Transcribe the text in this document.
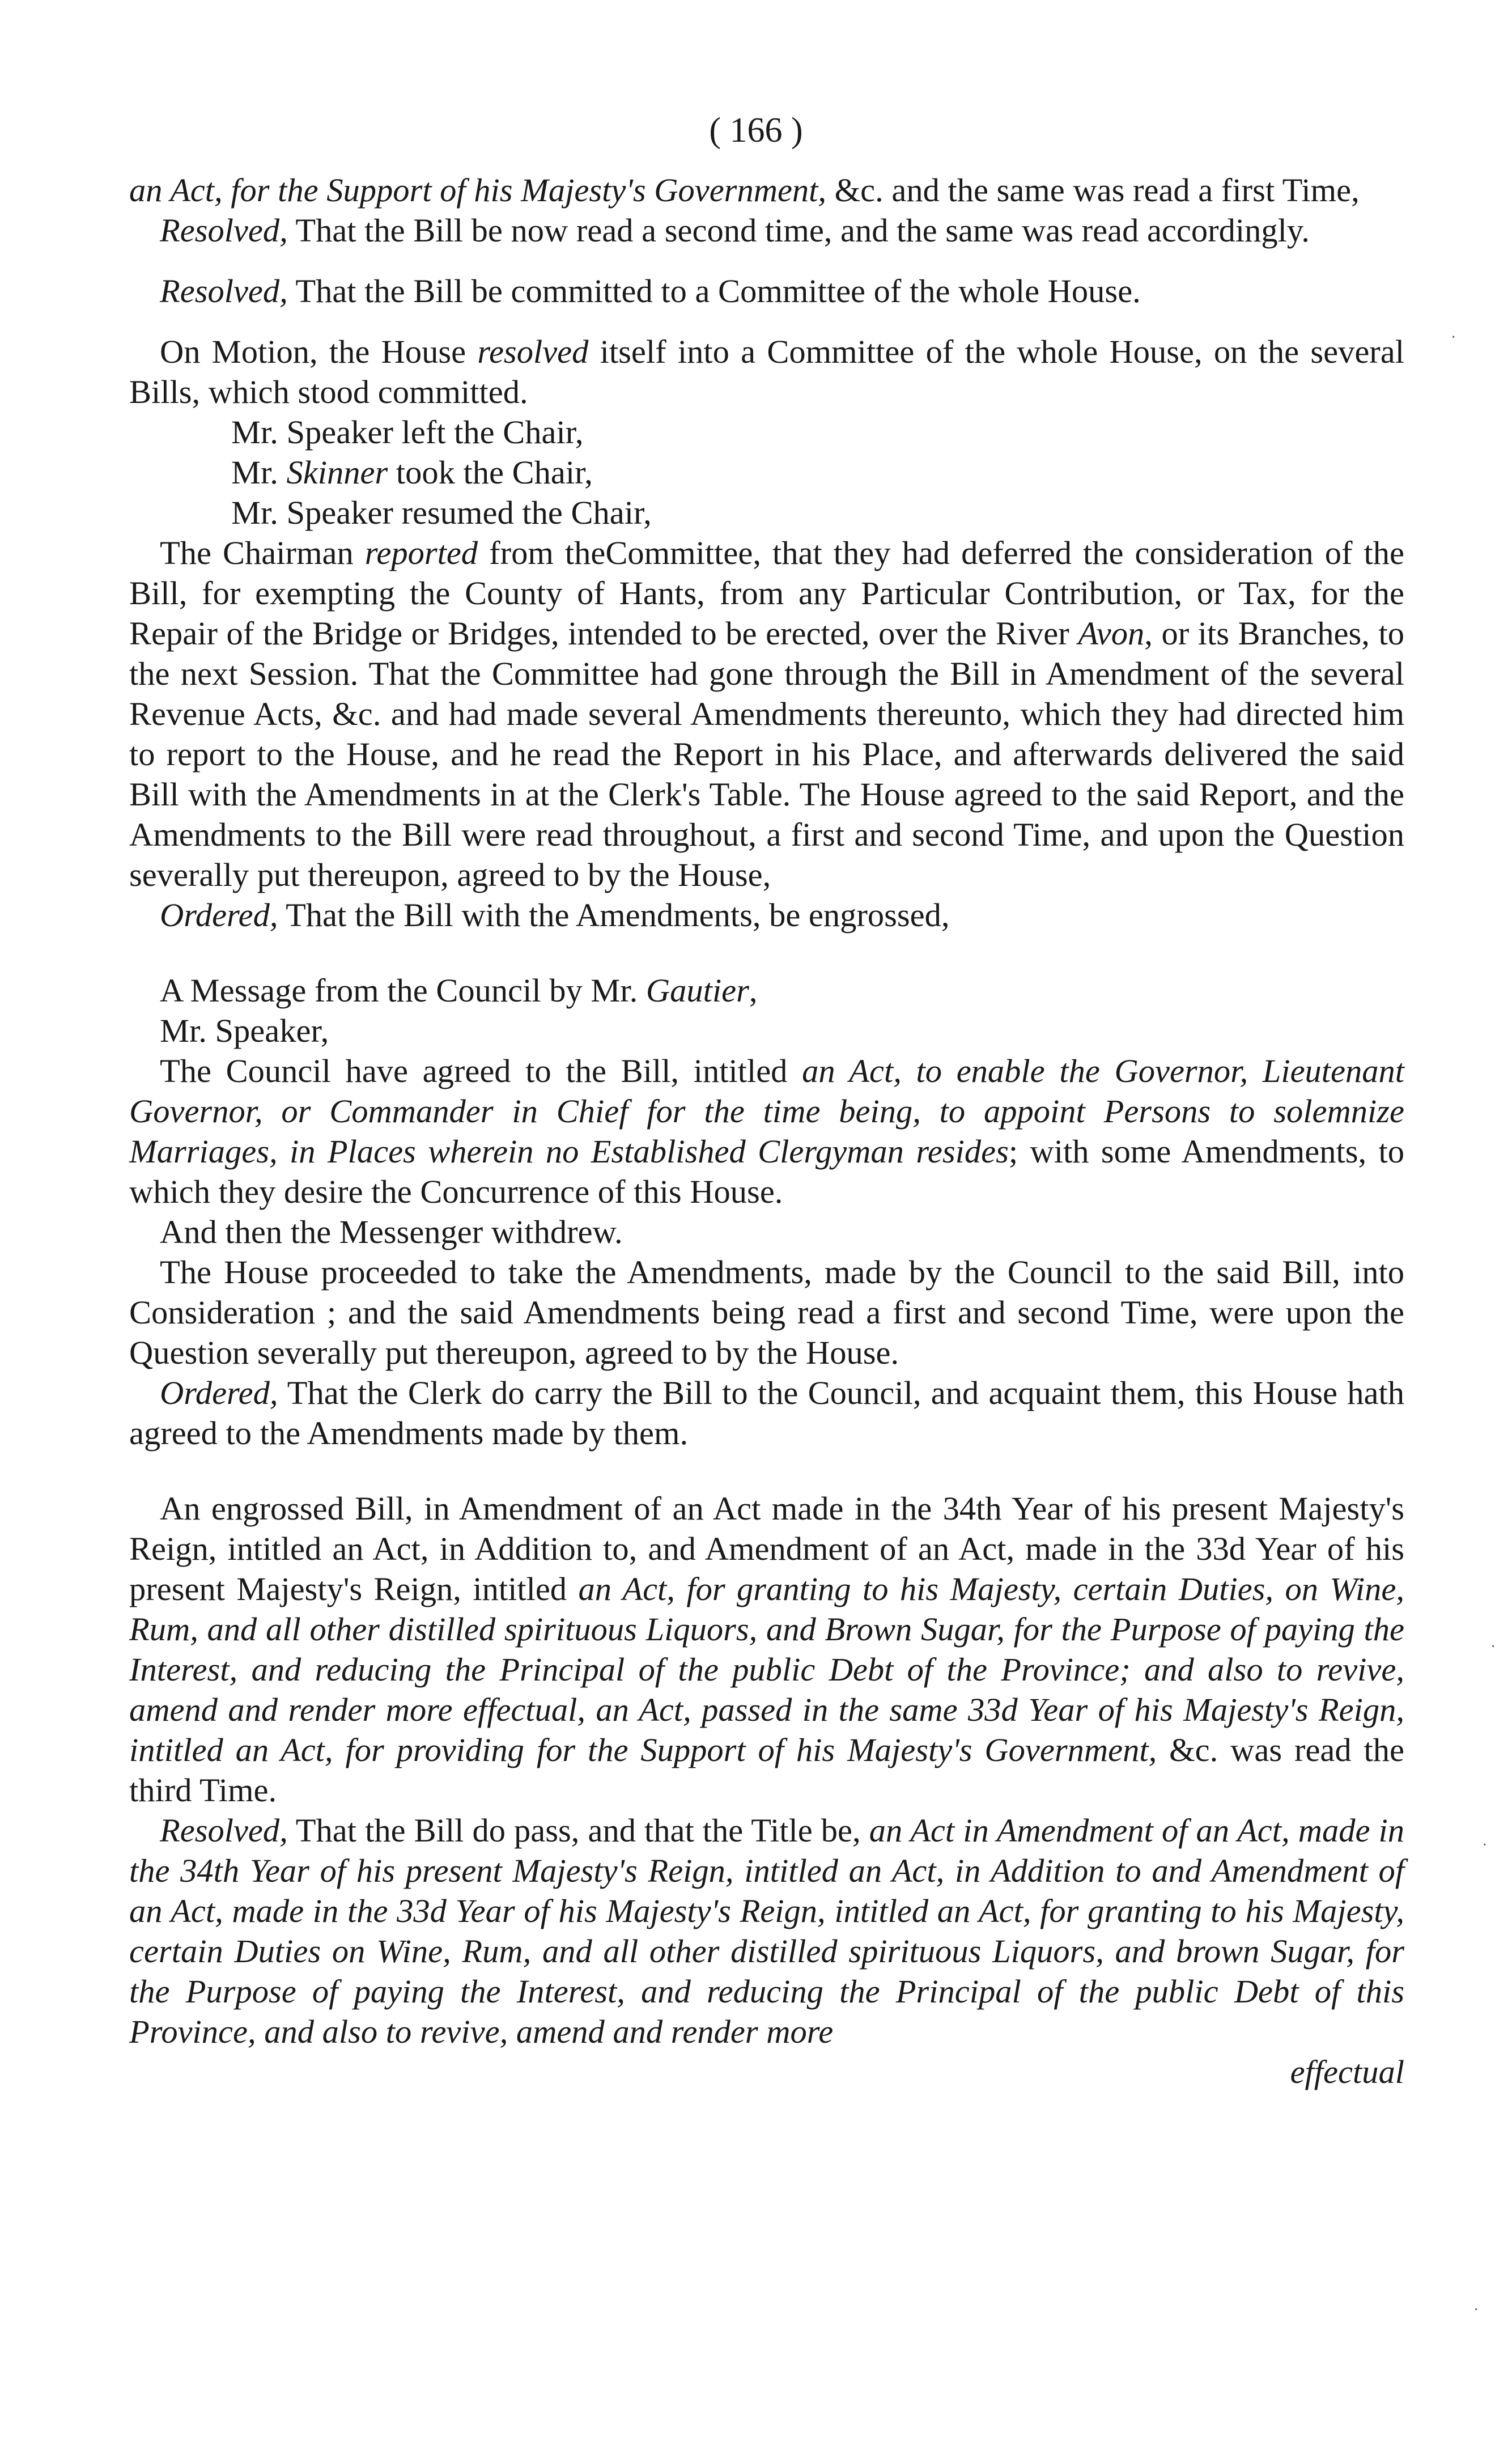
( 166 )

an Act, for the Support of his Majesty's Government, &c. and the same was read a first Time,

Resolved, That the Bill be now read a second time, and the same was read accordingly.

Resolved, That the Bill be committed to a Committee of the whole House.

On Motion, the House resolved itself into a Committee of the whole House, on the several Bills, which stood committed.

Mr. Speaker left the Chair,

Mr. Skinner took the Chair,

Mr. Speaker resumed the Chair,

The Chairman reported from theCommittee, that they had deferred the consideration of the Bill, for exempting the County of Hants, from any Particular Contribution, or Tax, for the Repair of the Bridge or Bridges, intended to be erected, over the River Avon, or its Branches, to the next Session. That the Committee had gone through the Bill in Amendment of the several Revenue Acts, &c. and had made several Amendments thereunto, which they had directed him to report to the House, and he read the Report in his Place, and afterwards delivered the said Bill with the Amendments in at the Clerk's Table. The House agreed to the said Report, and the Amendments to the Bill were read throughout, a first and second Time, and upon the Question severally put thereupon, agreed to by the House,

Ordered, That the Bill with the Amendments, be engrossed,

A Message from the Council by Mr. Gautier,

Mr. Speaker,

The Council have agreed to the Bill, intitled an Act, to enable the Governor, Lieutenant Governor, or Commander in Chief for the time being, to appoint Persons to solemnize Marriages, in Places wherein no Established Clergyman resides; with some Amendments, to which they desire the Concurrence of this House.

And then the Messenger withdrew.

The House proceeded to take the Amendments, made by the Council to the said Bill, into Consideration ; and the said Amendments being read a first and second Time, were upon the Question severally put thereupon, agreed to by the House.

Ordered, That the Clerk do carry the Bill to the Council, and acquaint them, this House hath agreed to the Amendments made by them.

An engrossed Bill, in Amendment of an Act made in the 34th Year of his present Majesty's Reign, intitled an Act, in Addition to, and Amendment of an Act, made in the 33d Year of his present Majesty's Reign, intitled an Act, for granting to his Majesty, certain Duties, on Wine, Rum, and all other distilled spirituous Liquors, and Brown Sugar, for the Purpose of paying the Interest, and reducing the Principal of the public Debt of the Province; and also to revive, amend and render more effectual, an Act, passed in the same 33d Year of his Majesty's Reign, intitled an Act, for providing for the Support of his Majesty's Government, &c. was read the third Time.

Resolved, That the Bill do pass, and that the Title be, an Act in Amendment of an Act, made in the 34th Year of his present Majesty's Reign, intitled an Act, in Addition to and Amendment of an Act, made in the 33d Year of his Majesty's Reign, intitled an Act, for granting to his Majesty, certain Duties on Wine, Rum, and all other distilled spirituous Liquors, and brown Sugar, for the Purpose of paying the Interest, and reducing the Principal of the public Debt of this Province, and also to revive, amend and render more

effectual

·
·
·
·
